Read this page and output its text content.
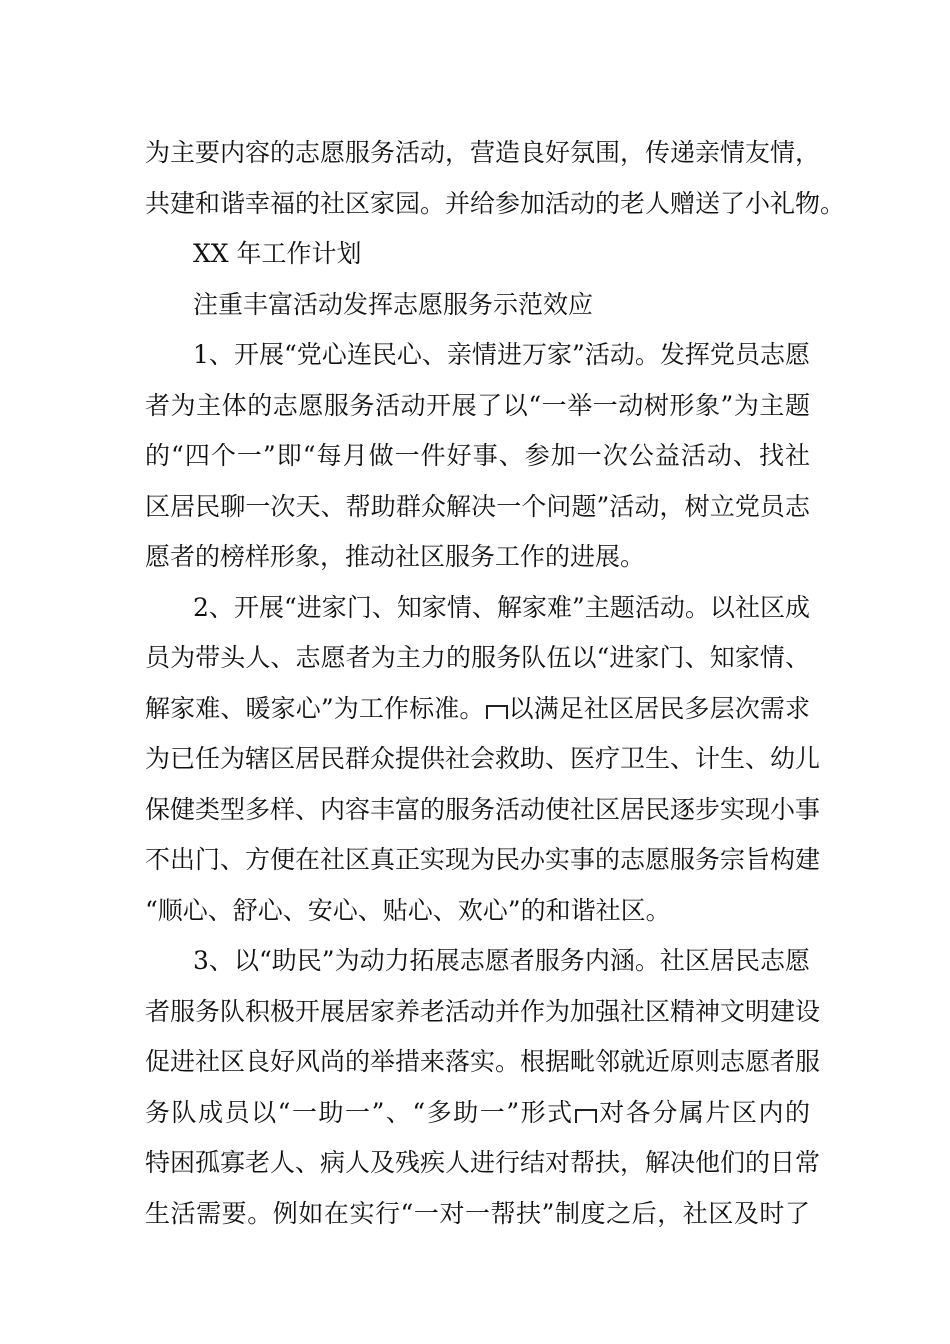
为主要内容的志愿服务活动，营造良好氛围，传递亲情友情，
共建和谐幸福的社区家园。并给参加活动的老人赠送了小礼物。
XX 年工作计划
注重丰富活动发挥志愿服务示范效应
1、开展“党心连民心、亲情进万家”活动。发挥党员志愿
者为主体的志愿服务活动开展了以“一举一动树形象”为主题
的“四个一”即“每月做一件好事、参加一次公益活动、找社
区居民聊一次天、帮助群众解决一个问题”活动，树立党员志
愿者的榜样形象，推动社区服务工作的进展。
2、开展“进家门、知家情、解家难”主题活动。以社区成
员为带头人、志愿者为主力的服务队伍以“进家门、知家情、
解家难、暖家心”为工作标准。 以满足社区居民多层次需求
为已任为辖区居民群众提供社会救助、医疗卫生、计生、幼儿
保健类型多样、内容丰富的服务活动使社区居民逐步实现小事
不出门、方便在社区真正实现为民办实事的志愿服务宗旨构建
“顺心、舒心、安心、贴心、欢心”的和谐社区。
3、以“助民”为动力拓展志愿者服务内涵。社区居民志愿
者服务队积极开展居家养老活动并作为加强社区精神文明建设
促进社区良好风尚的举措来落实。根据毗邻就近原则志愿者服
务队成员以“一助一”、“多助一”形式 对各分属片区内的
特困孤寡老人、病人及残疾人进行结对帮扶，解决他们的日常
生活需要。例如在实行“一对一帮扶”制度之后，社区及时了
